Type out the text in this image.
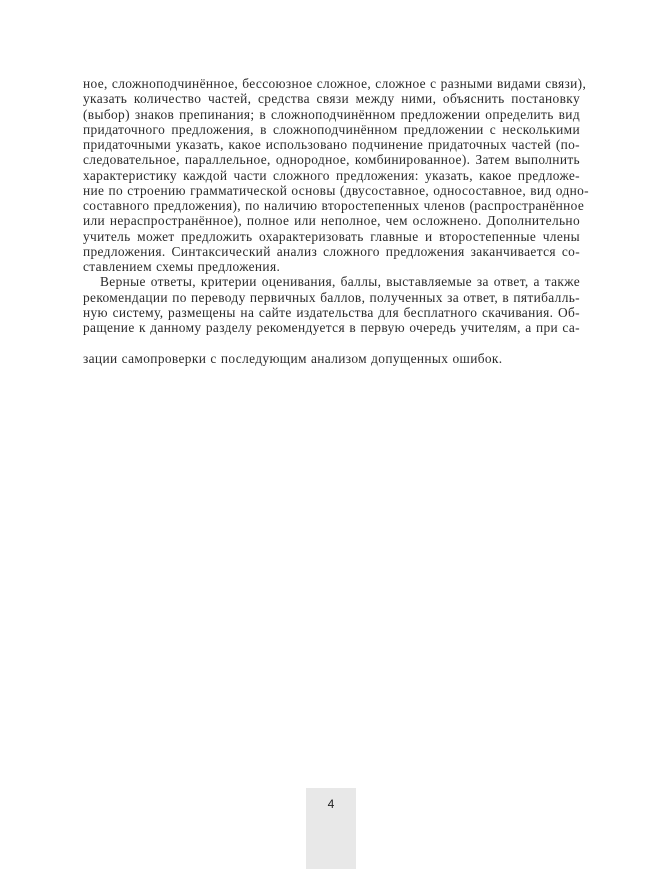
ное, сложноподчинённое, бессоюзное сложное, сложное с разными видами связи),
указать количество частей, средства связи между ними, объяснить постановку
(выбор) знаков препинания; в сложноподчинённом предложении определить вид
придаточного предложения, в сложноподчинённом предложении с несколькими
придаточными указать, какое использовано подчинение придаточных частей (по-
следовательное, параллельное, однородное, комбинированное). Затем выполнить
характеристику каждой части сложного предложения: указать, какое предложе-
ние по строению грамматической основы (двусоставное, односоставное, вид одно-
составного предложения), по наличию второстепенных членов (распространённое
или нераспространённое), полное или неполное, чем осложнено. Дополнительно
учитель может предложить охарактеризовать главные и второстепенные члены
предложения. Синтаксический анализ сложного предложения заканчивается со-
ставлением схемы предложения.
Верные ответы, критерии оценивания, баллы, выставляемые за ответ, а также
рекомендации по переводу первичных баллов, полученных за ответ, в пятибалль-
ную систему, размещены на сайте издательства для бесплатного скачивания. Об-
ращение к данному разделу рекомендуется в первую очередь учителям, а при са-
зации самопроверки с последующим анализом допущенных ошибок.
4
